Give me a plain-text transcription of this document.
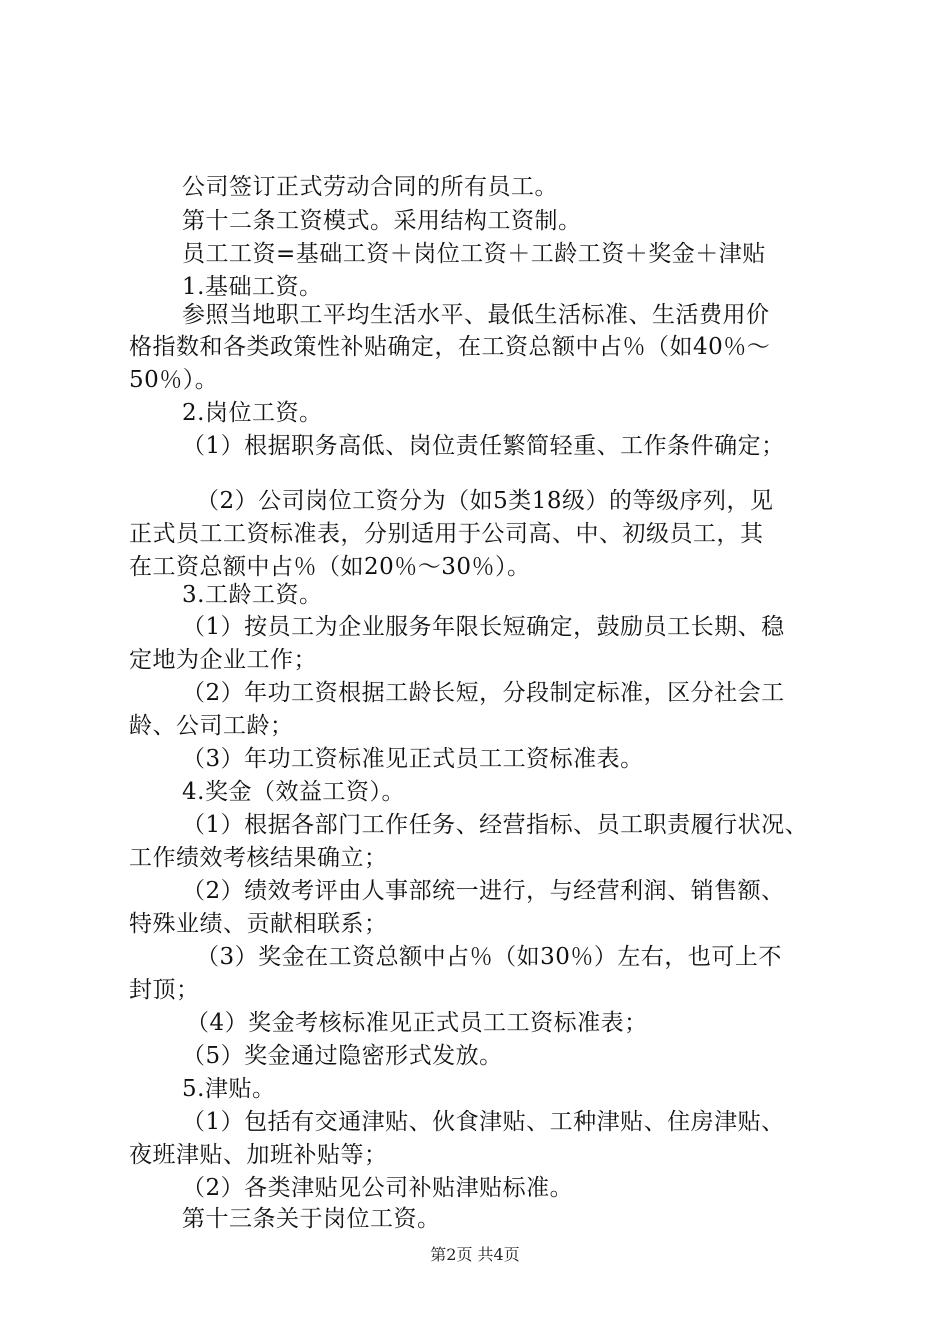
公司签订正式劳动合同的所有员工。
第十二条工资模式。采用结构工资制。
员工工资=基础工资＋岗位工资＋工龄工资＋奖金＋津贴
1.基础工资。
参照当地职工平均生活水平、最低生活标准、生活费用价
格指数和各类政策性补贴确定，在工资总额中占％（如40％～
50％）。
2.岗位工资。
（1）根据职务高低、岗位责任繁简轻重、工作条件确定；
（2）公司岗位工资分为（如5类18级）的等级序列，见
正式员工工资标准表，分别适用于公司高、中、初级员工，其
在工资总额中占％（如20％～30％）。
3.工龄工资。
（1）按员工为企业服务年限长短确定，鼓励员工长期、稳
定地为企业工作；
（2）年功工资根据工龄长短，分段制定标准，区分社会工
龄、公司工龄；
（3）年功工资标准见正式员工工资标准表。
4.奖金（效益工资）。
（1）根据各部门工作任务、经营指标、员工职责履行状况、
工作绩效考核结果确立；
（2）绩效考评由人事部统一进行，与经营利润、销售额、
特殊业绩、贡献相联系；
（3）奖金在工资总额中占％（如30％）左右，也可上不
封顶；
（4）奖金考核标准见正式员工工资标准表；
（5）奖金通过隐密形式发放。
5.津贴。
（1）包括有交通津贴、伙食津贴、工种津贴、住房津贴、
夜班津贴、加班补贴等；
（2）各类津贴见公司补贴津贴标准。
第十三条关于岗位工资。
第2页 共4页
